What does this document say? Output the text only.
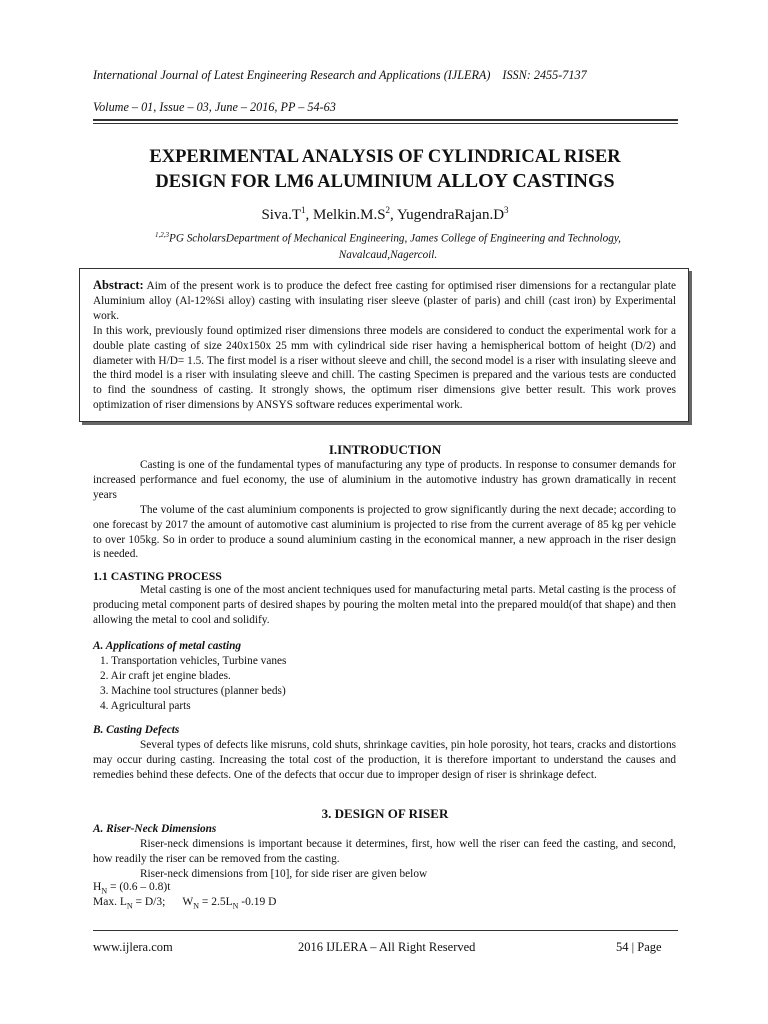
International Journal of Latest Engineering Research and Applications (IJLERA) ISSN: 2455-7137
Volume – 01, Issue – 03, June – 2016, PP – 54-63
EXPERIMENTAL ANALYSIS OF CYLINDRICAL RISER
DESIGN FOR LM6 ALUMINIUM ALLOY CASTINGS
$Siva.T^1$, $Melkin.M.S^2$, $YugendraRajan.D^3$
$^{1,2,3}$PG ScholarsDepartment of Mechanical Engineering, James College of Engineering and Technology,
Navalcaud,Nagercoil.

Abstract: Aim of the present work is to produce the defect free casting for optimised riser dimensions for a rectangular plate Aluminium alloy (Al-12%Si alloy) casting with insulating riser sleeve (plaster of paris) and chill (cast iron) by Experimental work.

In this work, previously found optimized riser dimensions three models are considered to conduct the experimental work for a double plate casting of size 240x150x 25 mm with cylindrical side riser having a hemispherical bottom of height (D/2) and diameter with H/D= 1.5. The first model is a riser without sleeve and chill, the second model is a riser with insulating sleeve and the third model is a riser with insulating sleeve and chill. The casting Specimen is prepared and the various tests are conducted to find the soundness of casting. It strongly shows, the optimum riser dimensions give better result. This work proves optimization of riser dimensions by ANSYS software reduces experimental work.

I.INTRODUCTION

Casting is one of the fundamental types of manufacturing any type of products. In response to consumer demands for increased performance and fuel economy, the use of aluminium in the automotive industry has grown dramatically in recent years

The volume of the cast aluminium components is projected to grow significantly during the next decade; according to one forecast by 2017 the amount of automotive cast aluminium is projected to rise from the current average of 85 kg per vehicle to over 105kg. So in order to produce a sound aluminium casting in the economical manner, a new approach in the riser design is needed.

1.1 CASTING PROCESS

Metal casting is one of the most ancient techniques used for manufacturing metal parts. Metal casting is the process of producing metal component parts of desired shapes by pouring the molten metal into the prepared mould(of that shape) and then allowing the metal to cool and solidify.

A. Applications of metal casting
1. Transportation vehicles, Turbine vanes
2. Air craft jet engine blades.
3. Machine tool structures (planner beds)
4. Agricultural parts
B. Casting Defects

Several types of defects like misruns, cold shuts, shrinkage cavities, pin hole porosity, hot tears, cracks and distortions may occur during casting. Increasing the total cost of the production, it is therefore important to understand the causes and remedies behind these defects. One of the defects that occur due to improper design of riser is shrinkage defect.

3. DESIGN OF RISER
A. Riser-Neck Dimensions

Riser-neck dimensions is important because it determines, first, how well the riser can feed the casting, and second, how readily the riser can be removed from the casting.

Riser-neck dimensions from [10], for side riser are given below

$H_N = (0.6 - 0.8)t$
Max. $L_N = D/3$;      $W_N = 2.5L_N$ -0.19 D
www.ijlera.com	2016 IJLERA – All Right Reserved	54 | Page
